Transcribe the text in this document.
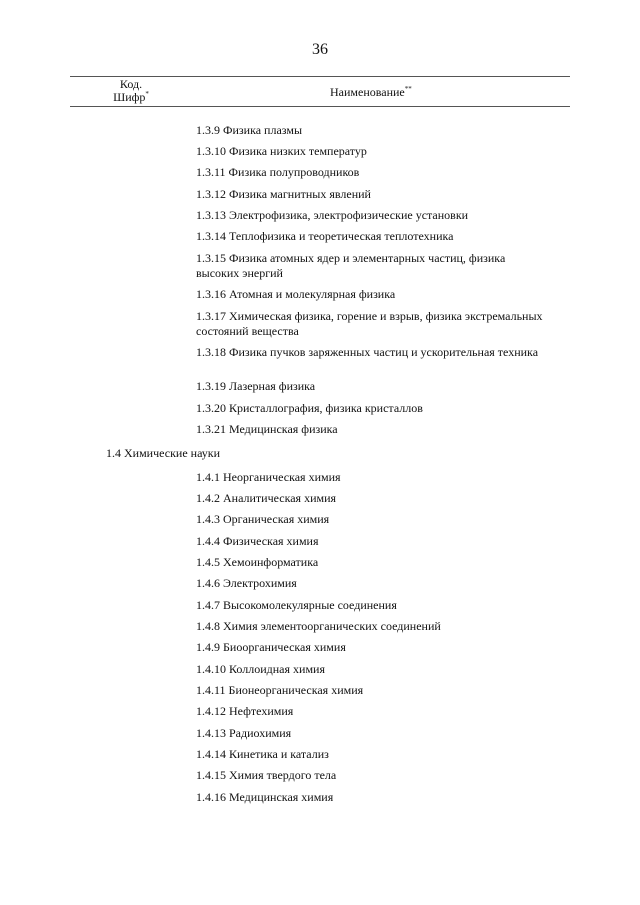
36
Код.
Шифр*	Наименование**
1.3.9 Физика плазмы
1.3.10 Физика низких температур
1.3.11 Физика полупроводников
1.3.12 Физика магнитных явлений
1.3.13 Электрофизика, электрофизические установки
1.3.14 Теплофизика и теоретическая теплотехника
1.3.15 Физика атомных ядер и элементарных частиц, физика высоких энергий
1.3.16 Атомная и молекулярная физика
1.3.17 Химическая физика, горение и взрыв, физика экстремальных состояний вещества
1.3.18 Физика пучков заряженных частиц и ускорительная техника
1.3.19 Лазерная физика
1.3.20 Кристаллография, физика кристаллов
1.3.21 Медицинская физика
1.4 Химические науки
1.4.1 Неорганическая химия
1.4.2 Аналитическая химия
1.4.3 Органическая химия
1.4.4 Физическая химия
1.4.5 Хемоинформатика
1.4.6 Электрохимия
1.4.7 Высокомолекулярные соединения
1.4.8 Химия элементоорганических соединений
1.4.9 Биоорганическая химия
1.4.10 Коллоидная химия
1.4.11 Бионеорганическая химия
1.4.12 Нефтехимия
1.4.13 Радиохимия
1.4.14 Кинетика и катализ
1.4.15 Химия твердого тела
1.4.16 Медицинская химия
